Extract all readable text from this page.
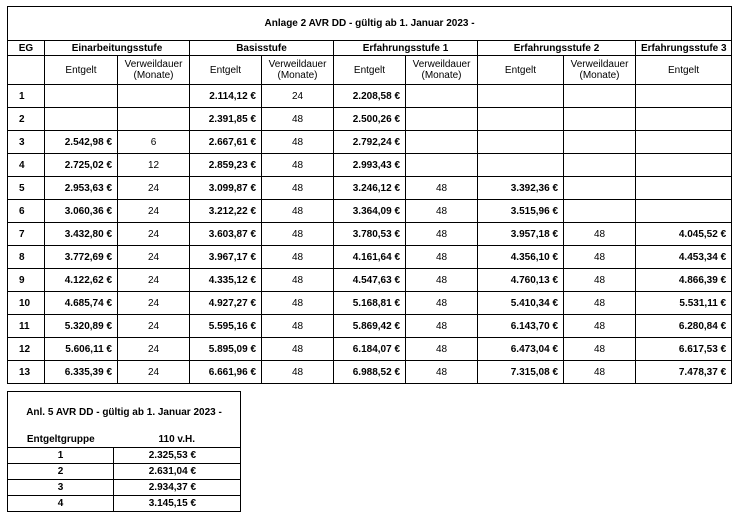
Anlage 2 AVR DD - gültig ab 1. Januar 2023 -									
EG	Einarbeitungsstufe		Basisstufe		Erfahrungsstufe 1		Erfahrungsstufe 2		Erfahrungsstufe 3
	Entgelt	Verweildauer (Monate)	Entgelt	Verweildauer (Monate)	Entgelt	Verweildauer (Monate)	Entgelt	Verweildauer (Monate)	Entgelt
1			2.114,12 €	24	2.208,58 €				
2			2.391,85 €	48	2.500,26 €				
3	2.542,98 €	6	2.667,61 €	48	2.792,24 €				
4	2.725,02 €	12	2.859,23 €	48	2.993,43 €				
5	2.953,63 €	24	3.099,87 €	48	3.246,12 €	48	3.392,36 €		
6	3.060,36 €	24	3.212,22 €	48	3.364,09 €	48	3.515,96 €		
7	3.432,80 €	24	3.603,87 €	48	3.780,53 €	48	3.957,18 €	48	4.045,52 €
8	3.772,69 €	24	3.967,17 €	48	4.161,64 €	48	4.356,10 €	48	4.453,34 €
9	4.122,62 €	24	4.335,12 €	48	4.547,63 €	48	4.760,13 €	48	4.866,39 €
10	4.685,74 €	24	4.927,27 €	48	5.168,81 €	48	5.410,34 €	48	5.531,11 €
11	5.320,89 €	24	5.595,16 €	48	5.869,42 €	48	6.143,70 €	48	6.280,84 €
12	5.606,11 €	24	5.895,09 €	48	6.184,07 €	48	6.473,04 €	48	6.617,53 €
13	6.335,39 €	24	6.661,96 €	48	6.988,52 €	48	7.315,08 €	48	7.478,37 €
Anl. 5 AVR DD - gültig ab 1. Januar 2023 -	
Entgeltgruppe	110 v.H.
1	2.325,53 €
2	2.631,04 €
3	2.934,37 €
4	3.145,15 €
